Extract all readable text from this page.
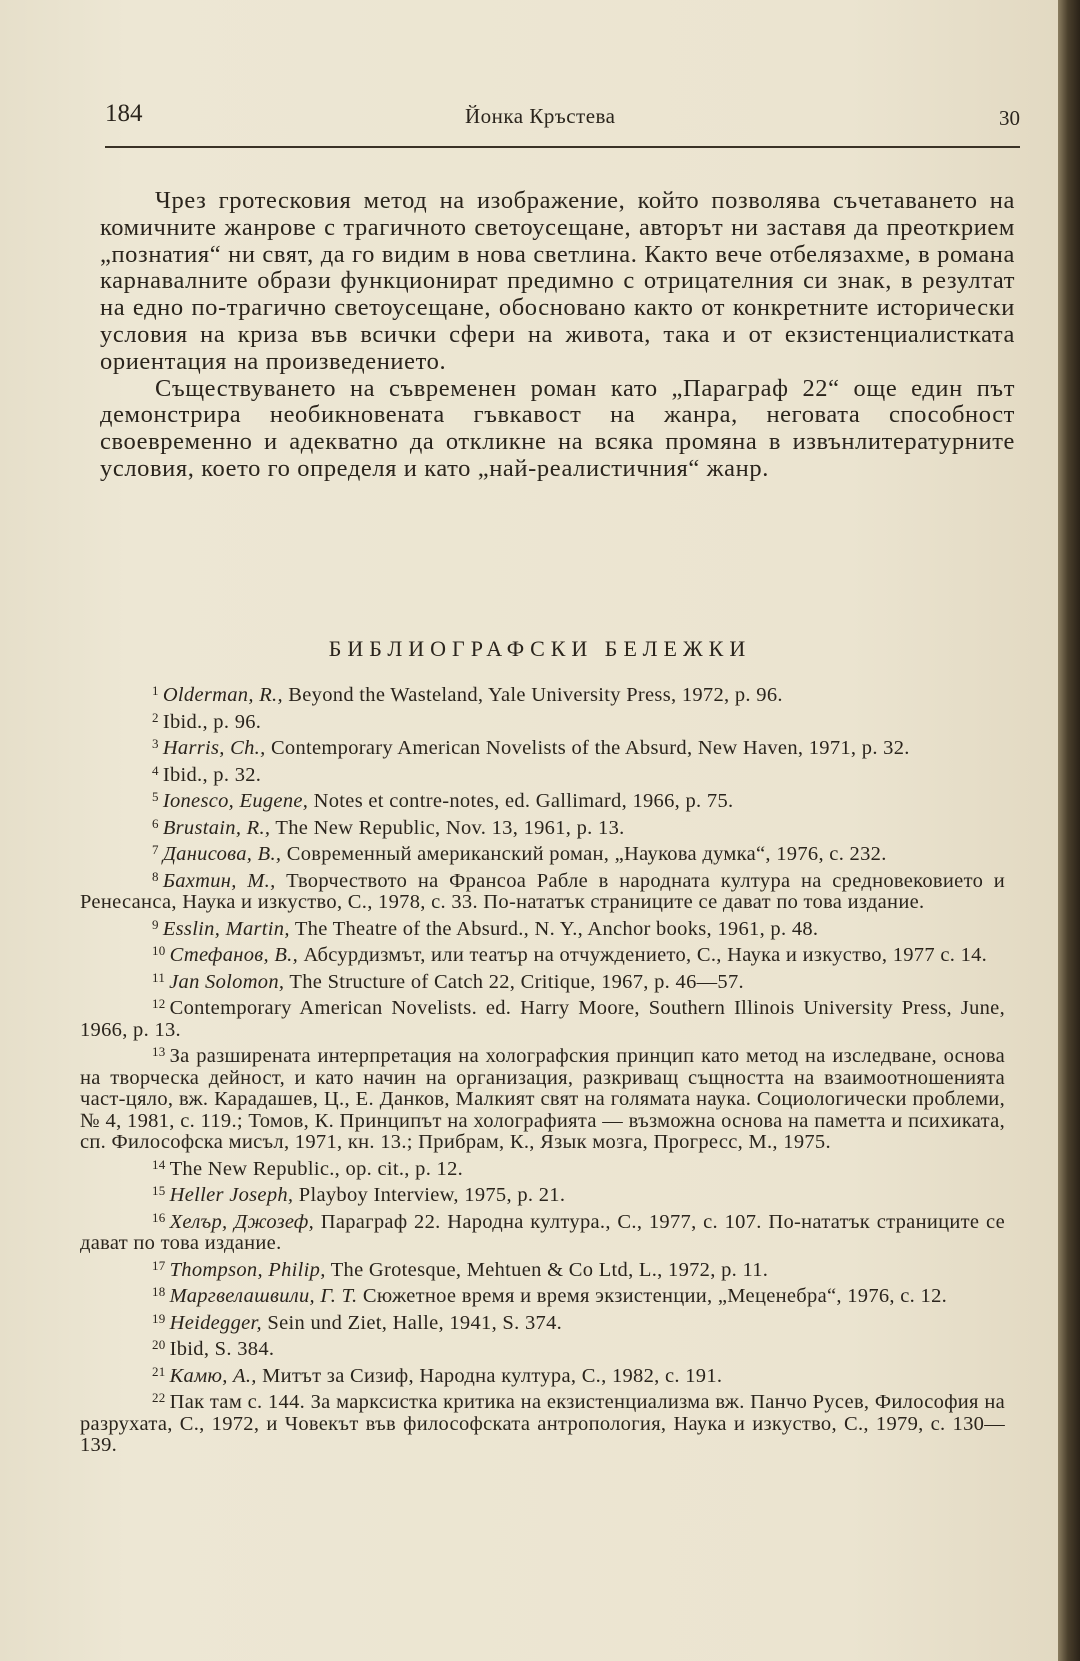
184	Йонка Кръстева	30

Чрез гротесковия метод на изображение, който позволява съчетаването на комичните жанрове с трагичното светоусещане, авторът ни заставя да преоткрием „познатия“ ни свят, да го видим в нова светлина. Както вече отбелязахме, в романа карнавалните образи функционират предимно с отрицателния си знак, в резултат на едно по-трагично светоусещане, обосновано както от конкретните исторически условия на криза във всички сфери на живота, така и от екзистенциалистката ориентация на произведението.

Съществуването на съвременен роман като „Параграф 22“ още един път демонстрира необикновената гъвкавост на жанра, неговата способност своевременно и адекватно да откликне на всяка промяна в извънлитературните условия, което го определя и като „най-реалистичния“ жанр.

БИБЛИОГРАФСКИ БЕЛЕЖКИ

$^1$ Olderman, R., Beyond the Wasteland, Yale University Press, 1972, p. 96.

$^2$ Ibid., p. 96.

$^3$ Harris, Ch., Contemporary American Novelists of the Absurd, New Haven, 1971, p. 32.

$^4$ Ibid., p. 32.

$^5$ Ionesco, Eugene, Notes et contre-notes, ed. Gallimard, 1966, p. 75.

$^6$ Brustain, R., The New Republic, Nov. 13, 1961, p. 13.

$^7$ Данисова, В., Современный американский роман, „Наукова думка“, 1976, с. 232.

$^8$ Бахтин, М., Творчеството на Франсоа Рабле в народната култура на средновековието и Ренесанса, Наука и изкуство, С., 1978, с. 33. По-нататък страниците се дават по това издание.

$^9$ Esslin, Martin, The Theatre of the Absurd., N. Y., Anchor books, 1961, p. 48.

$^{10}$ Стефанов, В., Абсурдизмът, или театър на отчуждението, С., Наука и изкуство, 1977 с. 14.

$^{11}$ Jan Solomon, The Structure of Catch 22, Critique, 1967, p. 46—57.

$^{12}$ Contemporary American Novelists. ed. Harry Moore, Southern Illinois University Press, June, 1966, p. 13.

$^{13}$ За разширената интерпретация на холографския принцип като метод на изследване, основа на творческа дейност, и като начин на организация, разкриващ същността на взаимоотношенията част-цяло, вж. Карадашев, Ц., Е. Данков, Малкият свят на голямата наука. Социологически проблеми, № 4, 1981, с. 119.; Томов, К. Принципът на холографията — възможна основа на паметта и психиката, сп. Философска мисъл, 1971, кн. 13.; Прибрам, К., Язык мозга, Прогресс, М., 1975.

$^{14}$ The New Republic., op. cit., p. 12.

$^{15}$ Heller Joseph, Playboy Interview, 1975, p. 21.

$^{16}$ Хелър, Джозеф, Параграф 22. Народна култура., С., 1977, с. 107. По-нататък страниците се дават по това издание.

$^{17}$ Thompson, Philip, The Grotesque, Mehtuen & Co Ltd, L., 1972, p. 11.

$^{18}$ Маргвелашвили, Г. Т. Сюжетное время и время экзистенции, „Меценебра“, 1976, с. 12.

$^{19}$ Heidegger, Sein und Ziet, Halle, 1941, S. 374.

$^{20}$ Ibid, S. 384.

$^{21}$ Камю, А., Митът за Сизиф, Народна култура, С., 1982, с. 191.

$^{22}$ Пак там с. 144. За марксистка критика на екзистенциализма вж. Панчо Русев, Философия на разрухата, С., 1972, и Човекът във философската антропология, Наука и изкуство, С., 1979, с. 130—139.
